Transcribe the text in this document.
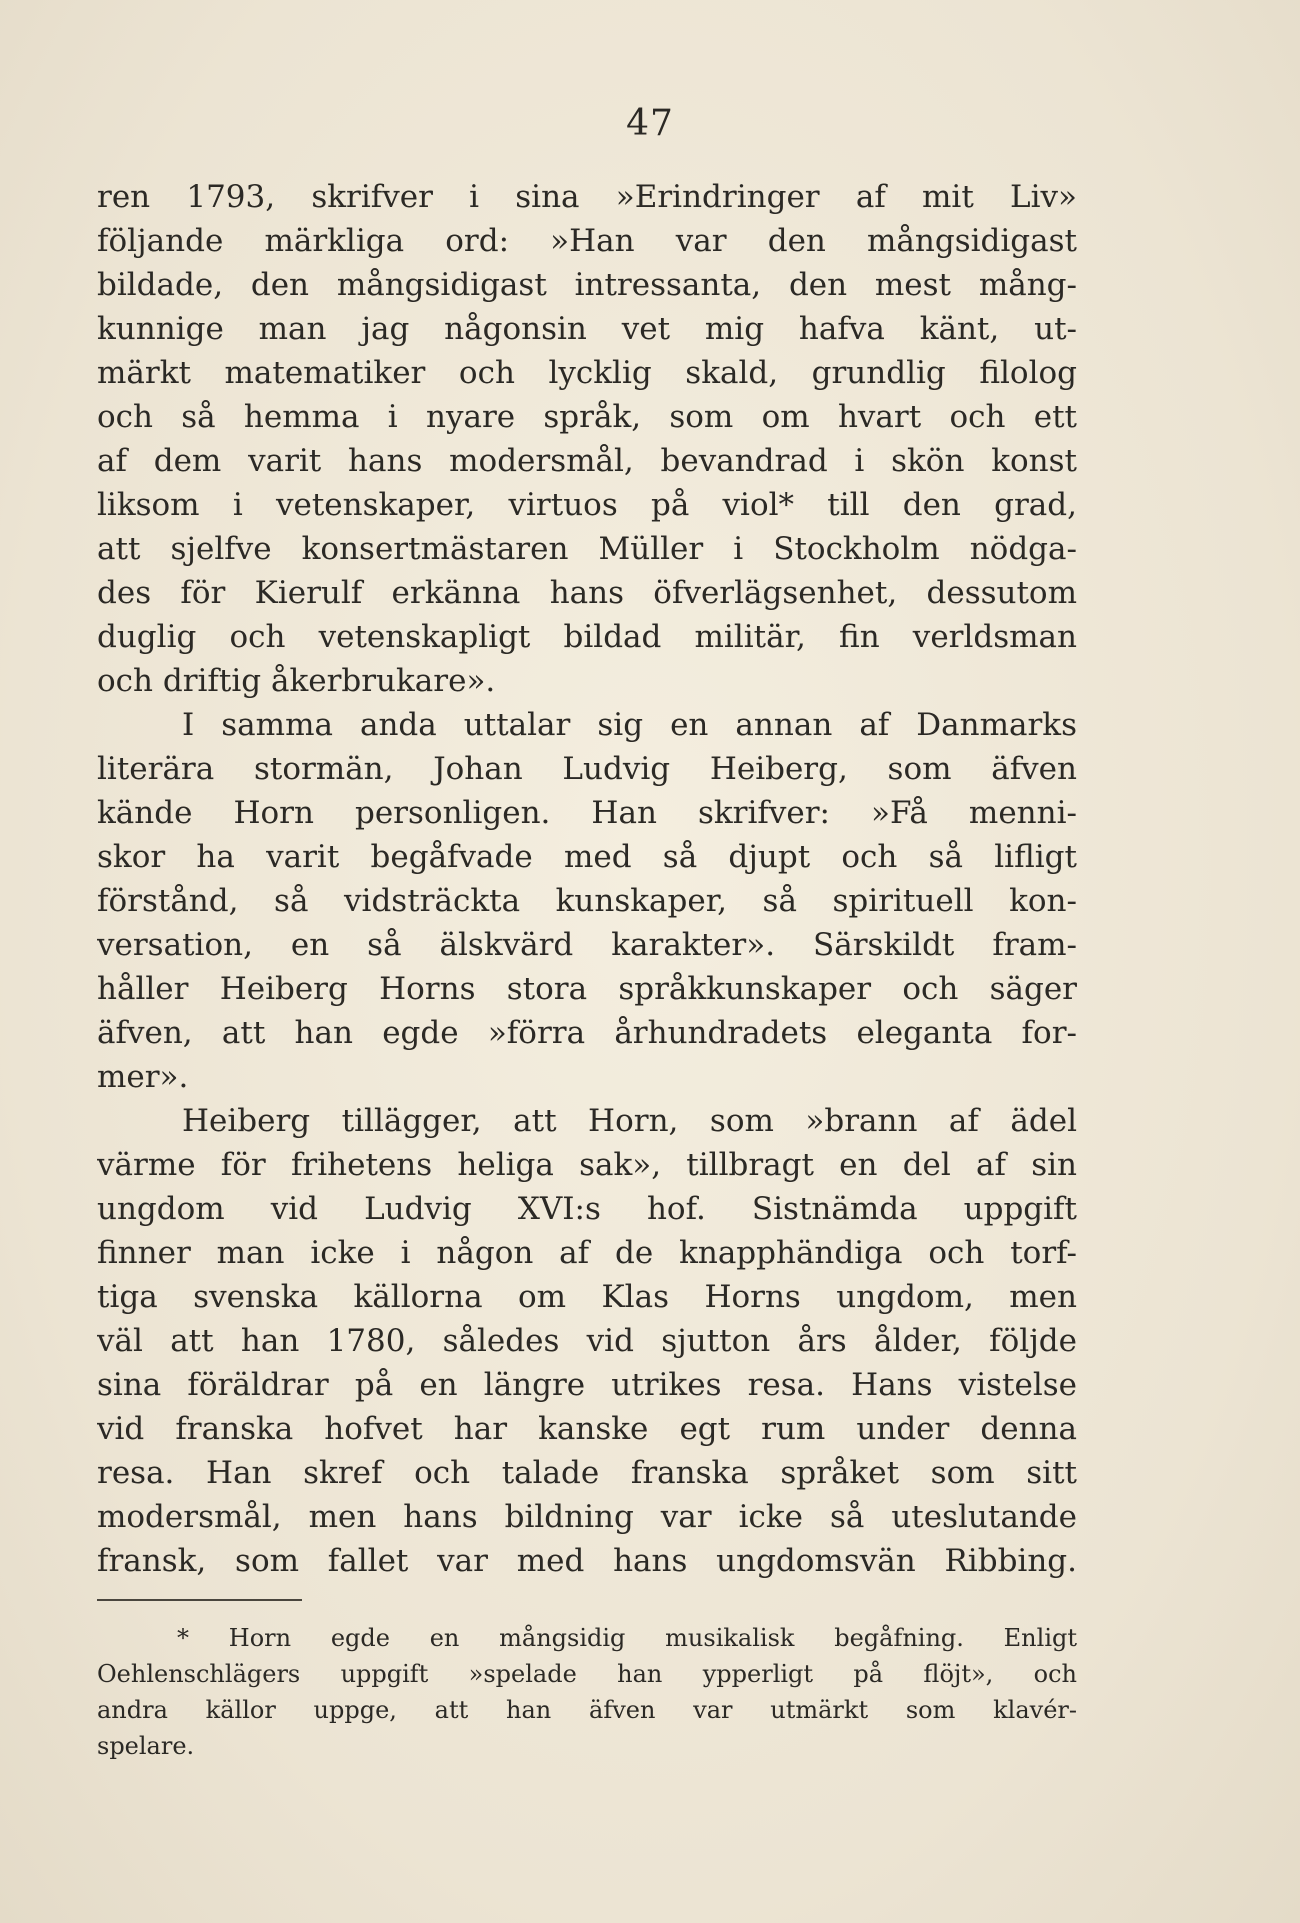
47
ren 1793, skrifver i sina »Erindringer af mit Liv»
följande märkliga ord: »Han var den mångsidigast
bildade, den mångsidigast intressanta, den mest mång-
kunnige man jag någonsin vet mig hafva känt, ut-
märkt matematiker och lycklig skald, grundlig filolog
och så hemma i nyare språk, som om hvart och ett
af dem varit hans modersmål, bevandrad i skön konst
liksom i vetenskaper, virtuos på viol* till den grad,
att sjelfve konsertmästaren Müller i Stockholm nödga-
des för Kierulf erkänna hans öfverlägsenhet, dessutom
duglig och vetenskapligt bildad militär, fin verldsman
och driftig åkerbrukare».
I samma anda uttalar sig en annan af Danmarks
literära stormän, Johan Ludvig Heiberg, som äfven
kände Horn personligen. Han skrifver: »Få menni-
skor ha varit begåfvade med så djupt och så lifligt
förstånd, så vidsträckta kunskaper, så spirituell kon-
versation, en så älskvärd karakter». Särskildt fram-
håller Heiberg Horns stora språkkunskaper och säger
äfven, att han egde »förra århundradets eleganta for-
mer».
Heiberg tillägger, att Horn, som »brann af ädel
värme för frihetens heliga sak», tillbragt en del af sin
ungdom vid Ludvig XVI:s hof. Sistnämda uppgift
finner man icke i någon af de knapphändiga och torf-
tiga svenska källorna om Klas Horns ungdom, men
väl att han 1780, således vid sjutton års ålder, följde
sina föräldrar på en längre utrikes resa. Hans vistelse
vid franska hofvet har kanske egt rum under denna
resa. Han skref och talade franska språket som sitt
modersmål, men hans bildning var icke så uteslutande
fransk, som fallet var med hans ungdomsvän Ribbing.
* Horn egde en mångsidig musikalisk begåfning. Enligt
Oehlenschlägers uppgift »spelade han ypperligt på flöjt», och
andra källor uppge, att han äfven var utmärkt som klavér-
spelare.
